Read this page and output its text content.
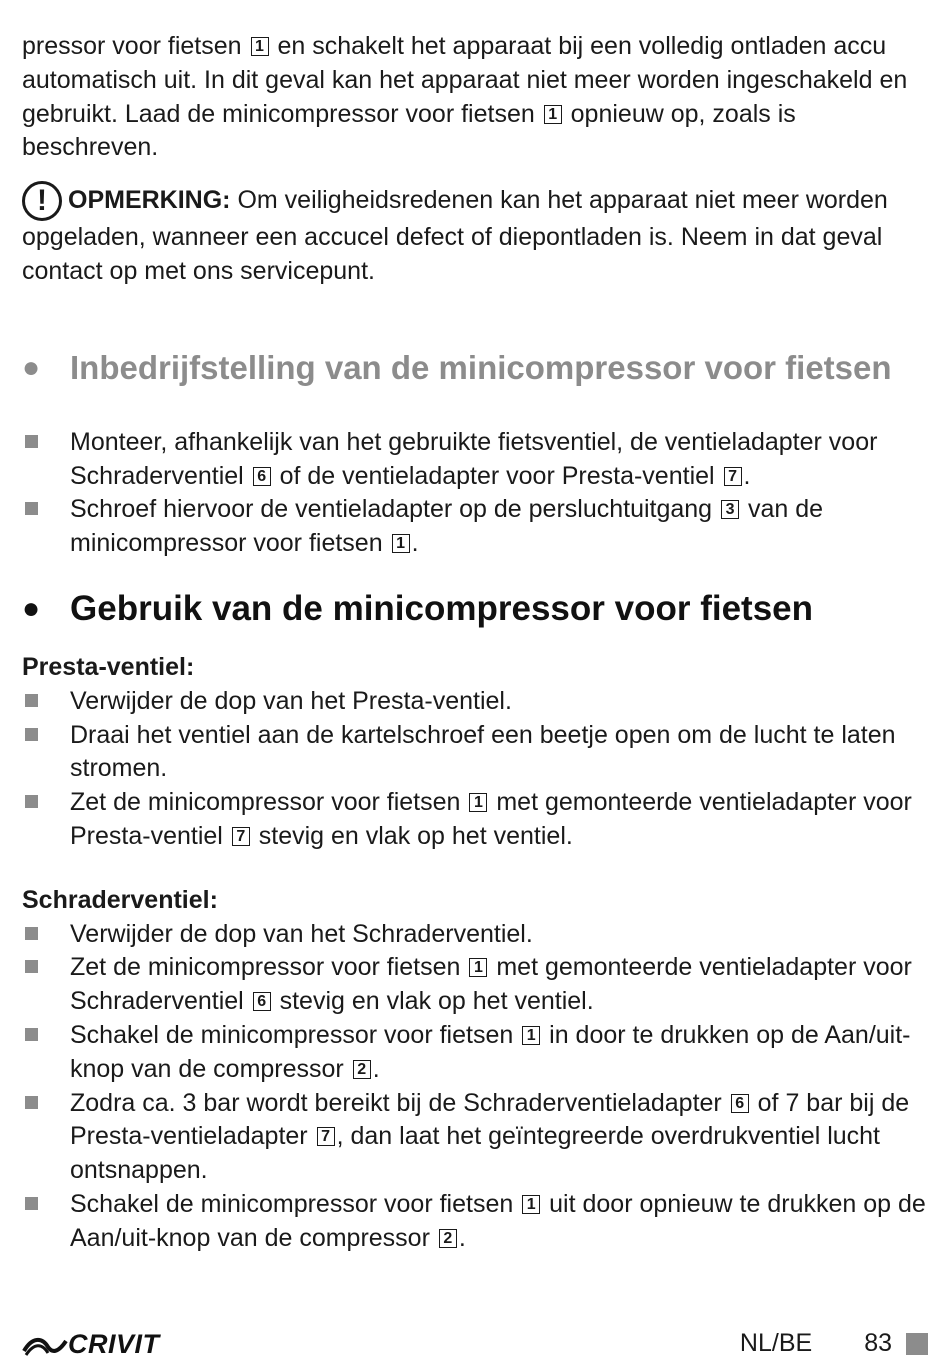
pressor voor fietsen 1 en schakelt het apparaat bij een volledig ontladen accu automatisch uit. In dit geval kan het apparaat niet meer worden ingeschakeld en gebruikt. Laad de minicompressor voor fietsen 1 opnieuw op, zoals is beschreven.

! OPMERKING: Om veiligheidsredenen kan het apparaat niet meer worden opgeladen, wanneer een accucel defect of diepontladen is. Neem in dat geval contact op met ons servicepunt.

● Inbedrijfstelling van de minicompressor voor fietsen
Monteer, afhankelijk van het gebruikte fietsventiel, de ventieladapter voor Schraderventiel 6 of de ventieladapter voor Presta-ventiel 7 .
Schroef hiervoor de ventieladapter op de persluchtuitgang 3 van de minicompressor voor fietsen 1 .
● Gebruik van de minicompressor voor fietsen
Presta-ventiel:
Verwijder de dop van het Presta-ventiel.
Draai het ventiel aan de kartelschroef een beetje open om de lucht te laten stromen.
Zet de minicompressor voor fietsen 1 met gemonteerde ventieladapter voor Presta-ventiel 7 stevig en vlak op het ventiel.
Schraderventiel:
Verwijder de dop van het Schraderventiel.
Zet de minicompressor voor fietsen 1 met gemonteerde ventieladapter voor Schraderventiel 6 stevig en vlak op het ventiel.
Schakel de minicompressor voor fietsen 1 in door te drukken op de Aan/uit-knop van de compressor 2 .
Zodra ca. 3 bar wordt bereikt bij de Schraderventieladapter 6 of 7 bar bij de Presta-ventieladapter 7 , dan laat het geïntegreerde overdrukventiel lucht ontsnappen.
Schakel de minicompressor voor fietsen 1 uit door opnieuw te drukken op de Aan/uit-knop van de compressor 2 .
CRIVIT	NL/BE 83
